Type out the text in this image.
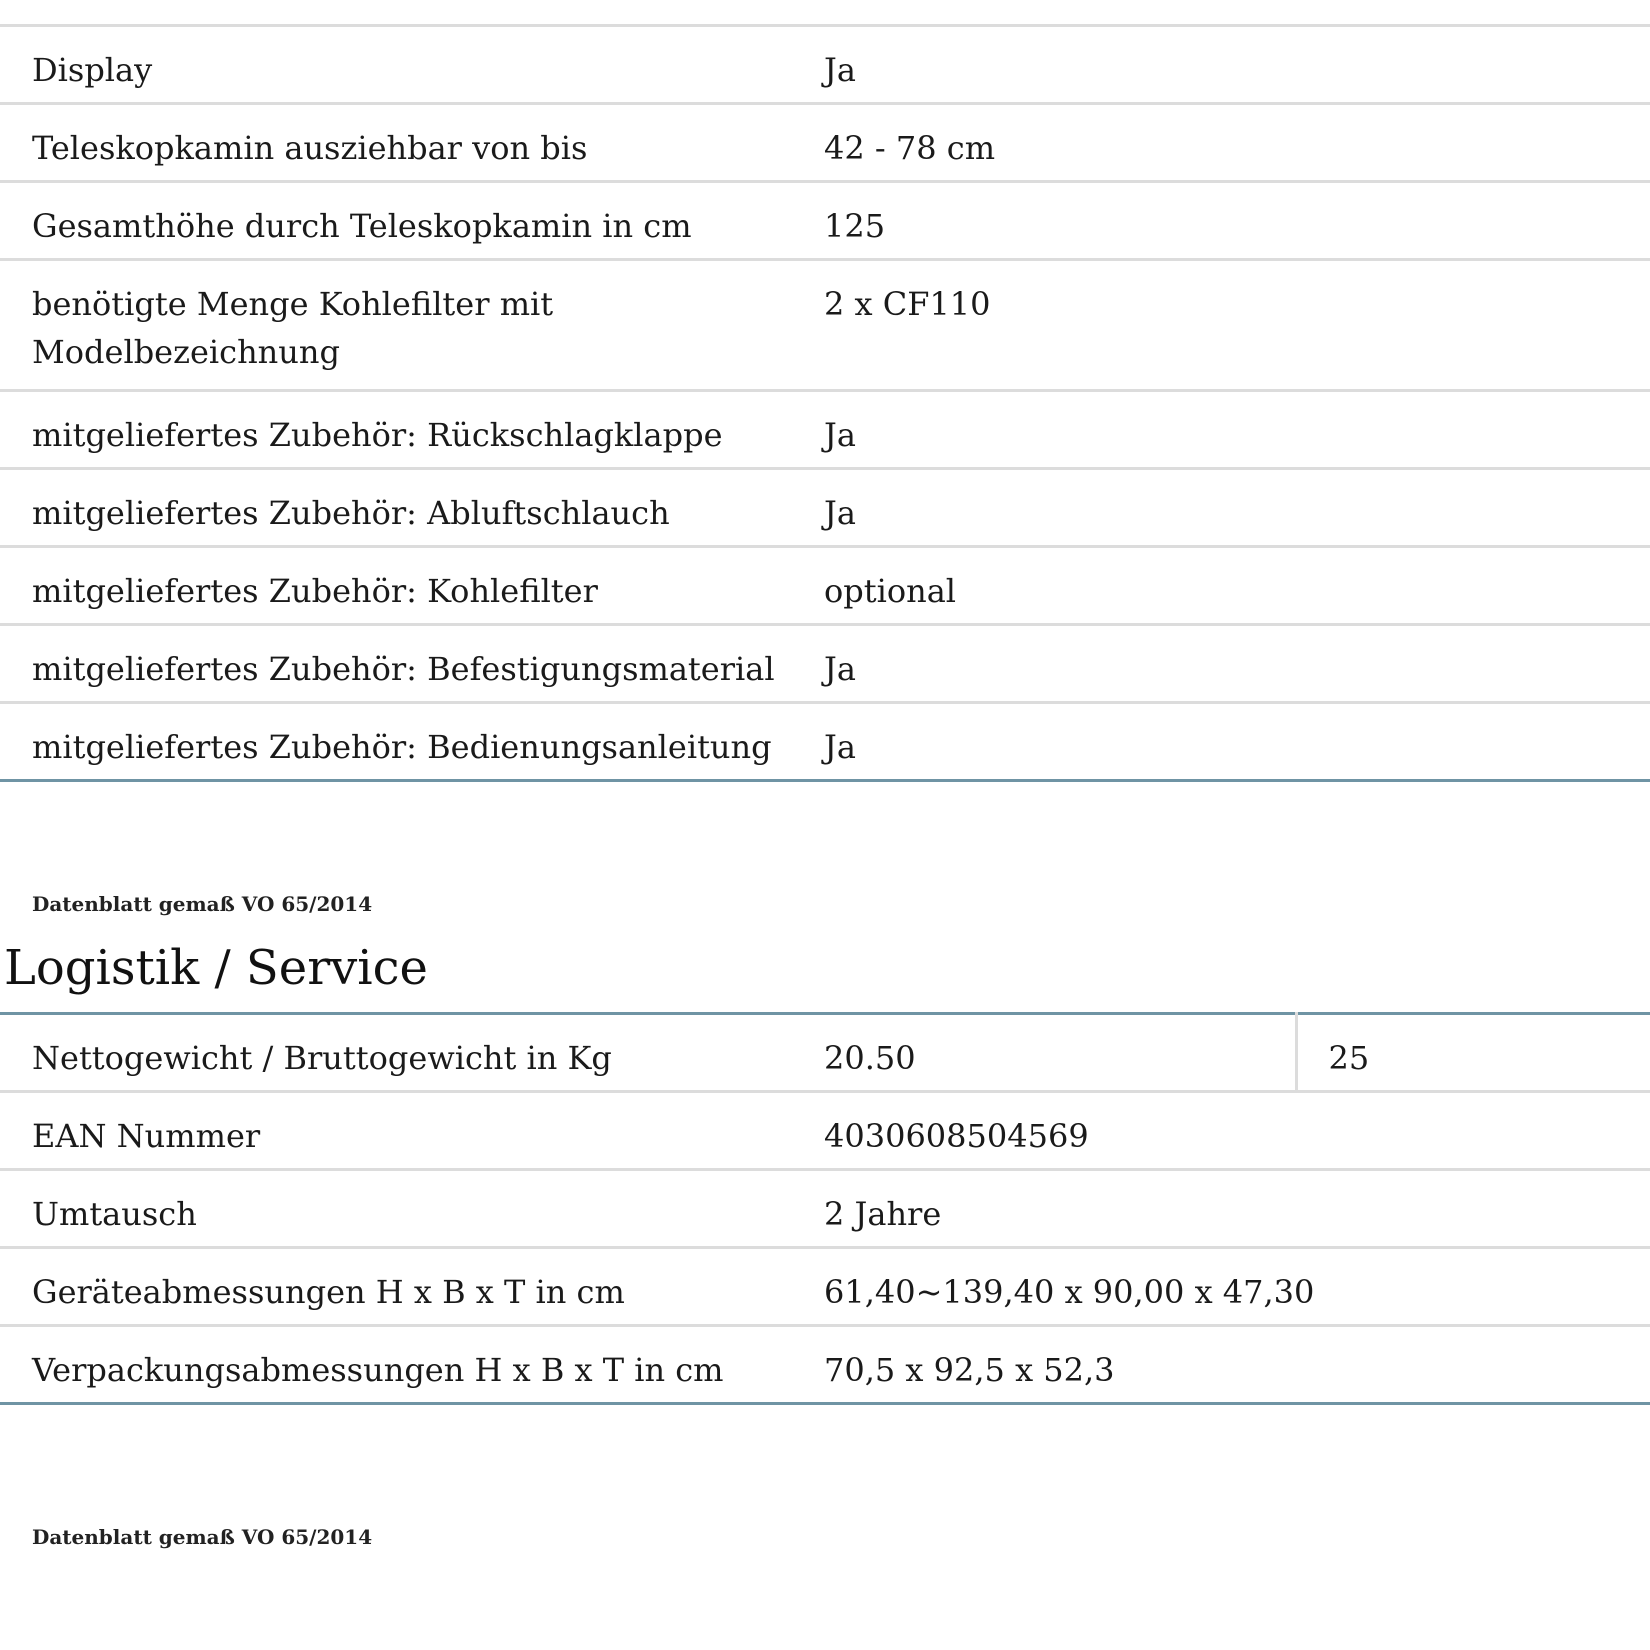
Display	Ja
Teleskopkamin ausziehbar von bis	42 - 78 cm
Gesamthöhe durch Teleskopkamin in cm	125

benötigte Menge Kohlefilter mit
Modelbezeichnung	2 x CF110
mitgeliefertes Zubehör: Rückschlagklappe	Ja
mitgeliefertes Zubehör: Abluftschlauch	Ja
mitgeliefertes Zubehör: Kohlefilter	optional
mitgeliefertes Zubehör: Befestigungsmaterial	Ja
mitgeliefertes Zubehör: Bedienungsanleitung	Ja
Datenblatt gemaß VO 65/2014
Logistik / Service
Nettogewicht / Bruttogewicht in Kg	20.50	25
EAN Nummer	4030608504569	
Umtausch	2 Jahre	
Geräteabmessungen H x B x T in cm	61,40~139,40 x 90,00 x 47,30	
Verpackungsabmessungen H x B x T in cm	70,5 x 92,5 x 52,3	
Datenblatt gemaß VO 65/2014
